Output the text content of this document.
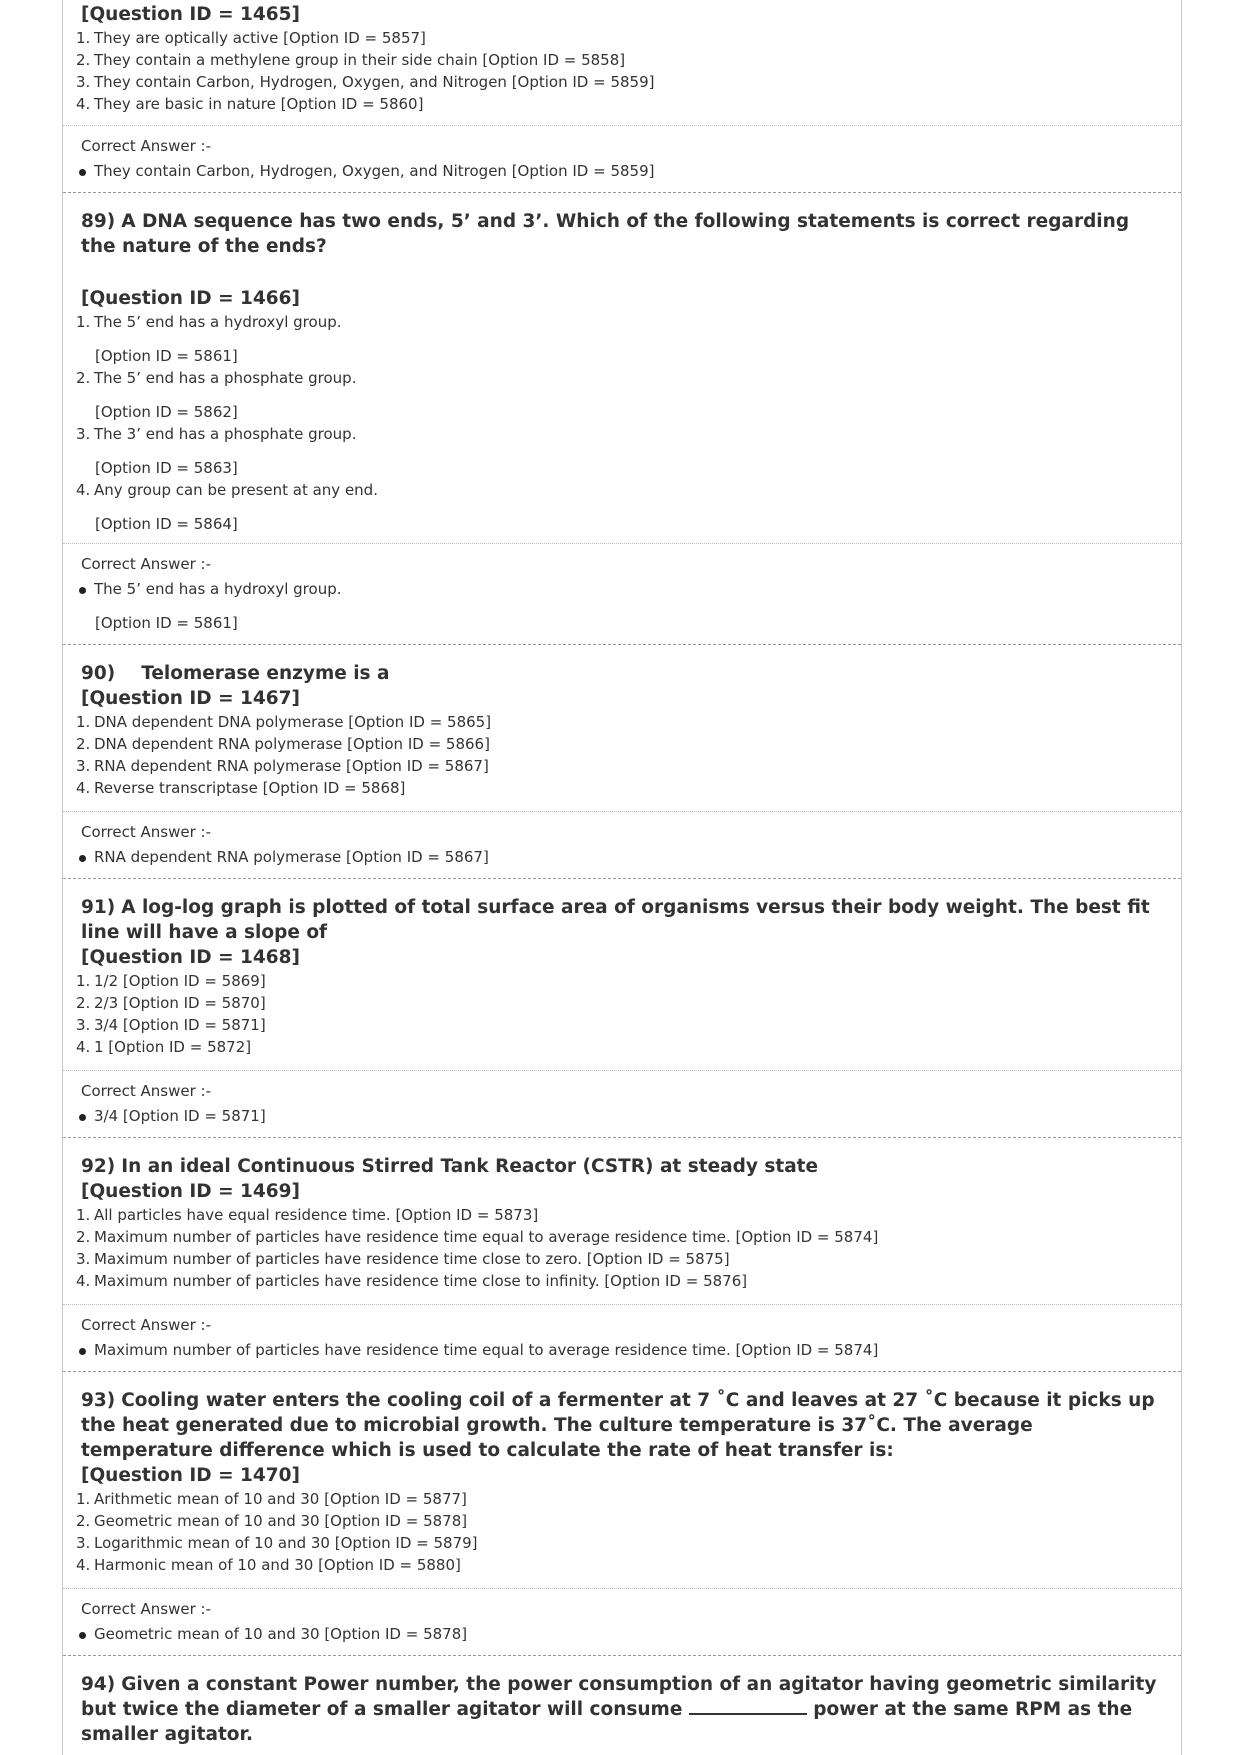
[Question ID = 1465]
1. They are optically active [Option ID = 5857]
2. They contain a methylene group in their side chain [Option ID = 5858]
3. They contain Carbon, Hydrogen, Oxygen, and Nitrogen [Option ID = 5859]
4. They are basic in nature [Option ID = 5860]
Correct Answer :-
They contain Carbon, Hydrogen, Oxygen, and Nitrogen [Option ID = 5859]

89) A DNA sequence has two ends, 5’ and 3’. Which of the following statements is correct regarding the nature of the ends?

[Question ID = 1466]
1. The 5’ end has a hydroxyl group.
[Option ID = 5861]
2. The 5’ end has a phosphate group.
[Option ID = 5862]
3. The 3’ end has a phosphate group.
[Option ID = 5863]
4. Any group can be present at any end.
[Option ID = 5864]
Correct Answer :-
The 5’ end has a hydroxyl group.
[Option ID = 5861]

90) Telomerase enzyme is a

[Question ID = 1467]
1. DNA dependent DNA polymerase [Option ID = 5865]
2. DNA dependent RNA polymerase [Option ID = 5866]
3. RNA dependent RNA polymerase [Option ID = 5867]
4. Reverse transcriptase [Option ID = 5868]
Correct Answer :-
RNA dependent RNA polymerase [Option ID = 5867]

91) A log-log graph is plotted of total surface area of organisms versus their body weight. The best fit line will have a slope of

[Question ID = 1468]
1. 1/2 [Option ID = 5869]
2. 2/3 [Option ID = 5870]
3. 3/4 [Option ID = 5871]
4. 1 [Option ID = 5872]
Correct Answer :-
3/4 [Option ID = 5871]

92) In an ideal Continuous Stirred Tank Reactor (CSTR) at steady state

[Question ID = 1469]
1. All particles have equal residence time. [Option ID = 5873]
2. Maximum number of particles have residence time equal to average residence time. [Option ID = 5874]
3. Maximum number of particles have residence time close to zero. [Option ID = 5875]
4. Maximum number of particles have residence time close to infinity. [Option ID = 5876]
Correct Answer :-
Maximum number of particles have residence time equal to average residence time. [Option ID = 5874]

93) Cooling water enters the cooling coil of a fermenter at 7 ˚C and leaves at 27 ˚C because it picks up the heat generated due to microbial growth. The culture temperature is 37˚C. The average temperature difference which is used to calculate the rate of heat transfer is:

[Question ID = 1470]
1. Arithmetic mean of 10 and 30 [Option ID = 5877]
2. Geometric mean of 10 and 30 [Option ID = 5878]
3. Logarithmic mean of 10 and 30 [Option ID = 5879]
4. Harmonic mean of 10 and 30 [Option ID = 5880]
Correct Answer :-
Geometric mean of 10 and 30 [Option ID = 5878]

94) Given a constant Power number, the power consumption of an agitator having geometric similarity but twice the diameter of a smaller agitator will consume	power at the same RPM as the smaller agitator.
